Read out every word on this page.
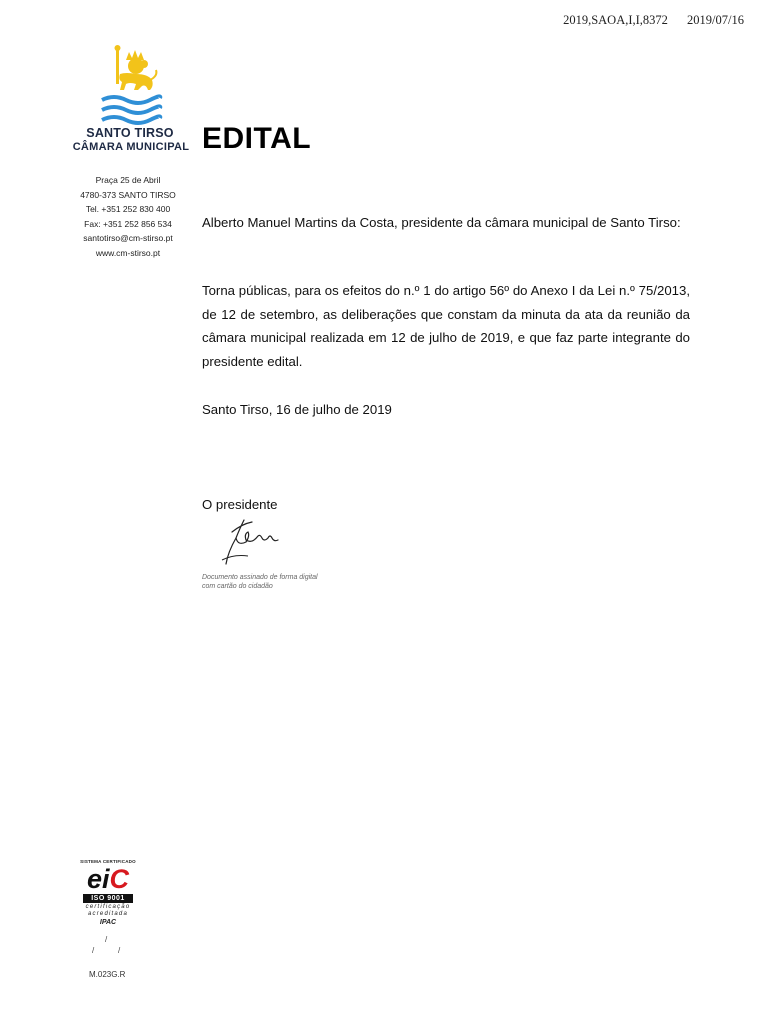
2019,SAOA,I,I,8372 2019/07/16
SANTO TIRSO
CÂMARA MUNICIPAL
Praça 25 de Abril
4780-373 SANTO TIRSO
Tel. +351 252 830 400
Fax: +351 252 856 534
santotirso@cm-stirso.pt
www.cm-stirso.pt
EDITAL
Alberto Manuel Martins da Costa, presidente da câmara municipal de Santo Tirso:
Torna públicas, para os efeitos do n.º 1 do artigo 56º do Anexo I da Lei n.º 75/2013, de 12 de setembro, as deliberações que constam da minuta da ata da reunião da câmara municipal realizada em 12 de julho de 2019, e que faz parte integrante do presidente edital.
Santo Tirso, 16 de julho de 2019
O presidente
Documento assinado de forma digital
com cartão do cidadão
SISTEMA CERTIFICADO
eiC
ISO 9001
certificação
acreditada
IPAC
/
/	/
M.023G.R
